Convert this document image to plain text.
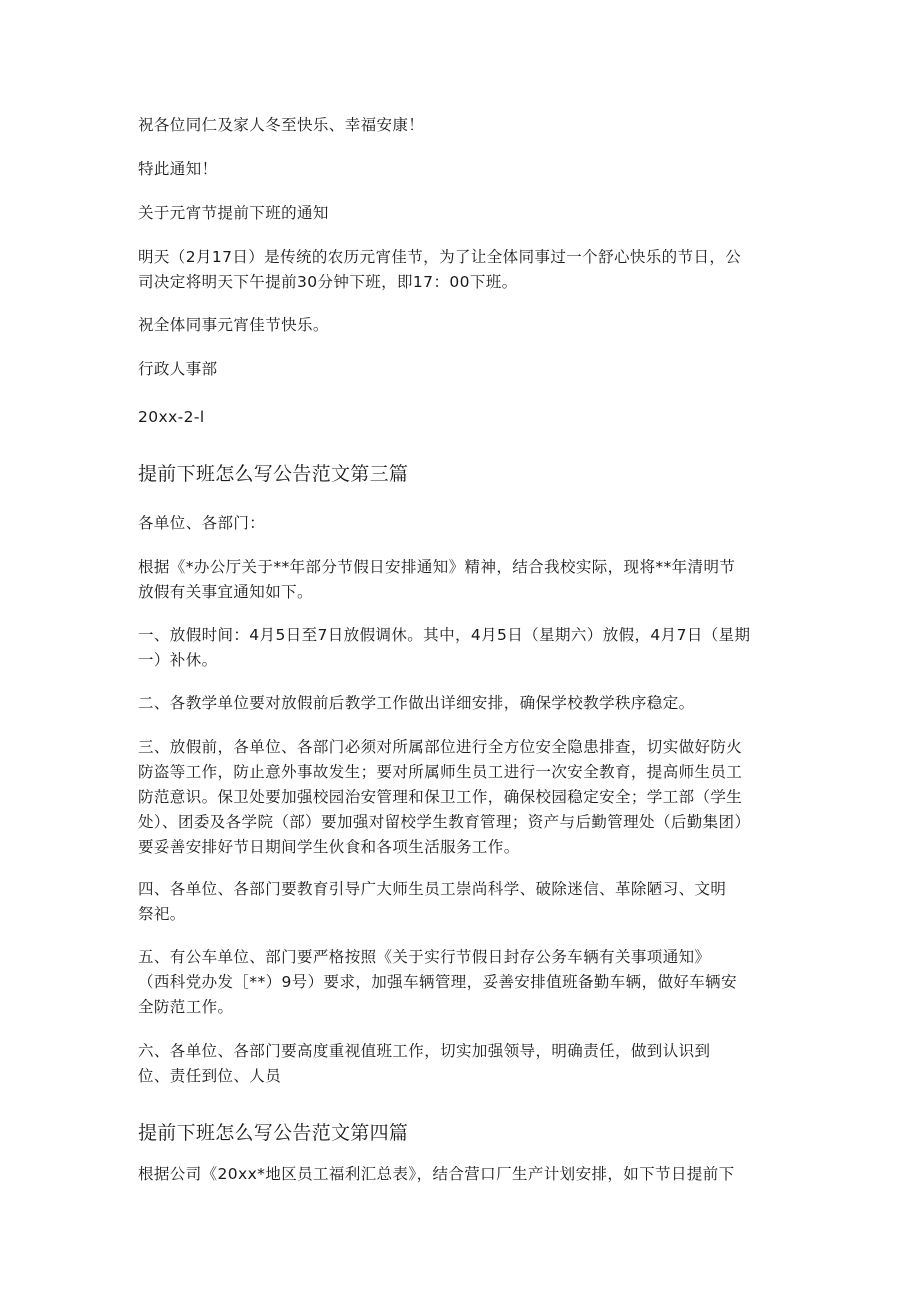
祝各位同仁及家人冬至快乐、幸福安康！

特此通知！

关于元宵节提前下班的通知

明天（2月17日）是传统的农历元宵佳节，为了让全体同事过一个舒心快乐的节日，公
司决定将明天下午提前30分钟下班，即17：00下班。

祝全体同事元宵佳节快乐。

行政人事部

20xx-2-l

提前下班怎么写公告范文第三篇

各单位、各部门：

根据《*办公厅关于**年部分节假日安排通知》精神，结合我校实际，现将**年清明节
放假有关事宜通知如下。
一、放假时间：4月5日至7日放假调休。其中，4月5日（星期六）放假，4月7日（星期
一）补休。
二、各教学单位要对放假前后教学工作做出详细安排，确保学校教学秩序稳定。
三、放假前，各单位、各部门必须对所属部位进行全方位安全隐患排查，切实做好防火
防盗等工作，防止意外事故发生；要对所属师生员工进行一次安全教育，提高师生员工
防范意识。保卫处要加强校园治安管理和保卫工作，确保校园稳定安全；学工部（学生
处）、团委及各学院（部）要加强对留校学生教育管理；资产与后勤管理处（后勤集团）
要妥善安排好节日期间学生伙食和各项生活服务工作。
四、各单位、各部门要教育引导广大师生员工崇尚科学、破除迷信、革除陋习、文明
祭祀。
五、有公车单位、部门要严格按照《关于实行节假日封存公务车辆有关事项通知》
（西科党办发［**）9号）要求，加强车辆管理，妥善安排值班备勤车辆，做好车辆安
全防范工作。
六、各单位、各部门要高度重视值班工作，切实加强领导，明确责任，做到认识到
位、责任到位、人员
提前下班怎么写公告范文第四篇

根据公司《20xx*地区员工福利汇总表》，结合营口厂生产计划安排，如下节日提前下
